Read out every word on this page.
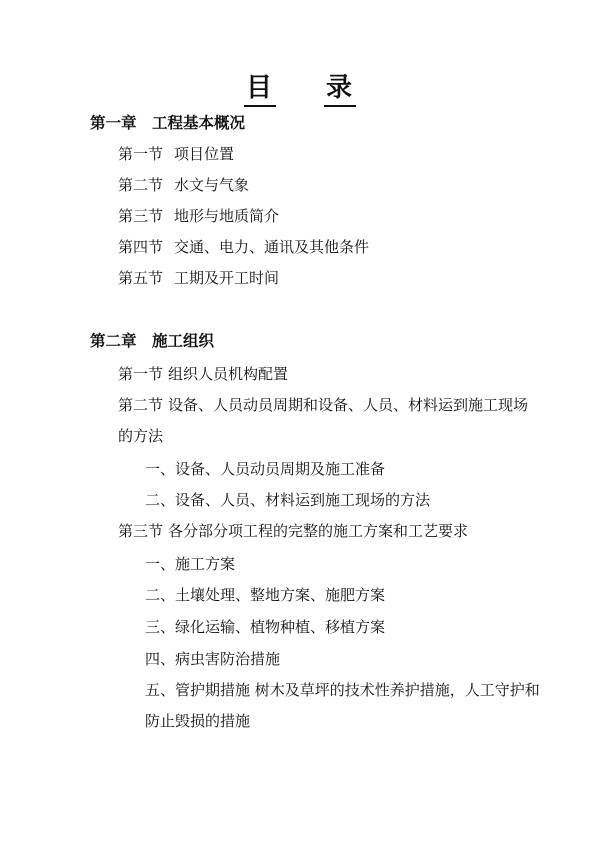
目 录
第一章 工程基本概况
第一节 项目位置
第二节 水文与气象
第三节 地形与地质简介
第四节 交通、电力、通讯及其他条件
第五节 工期及开工时间
第二章 施工组织
第一节 组织人员机构配置
第二节 设备、人员动员周期和设备、人员、材料运到施工现场
的方法
一、设备、人员动员周期及施工准备
二、设备、人员、材料运到施工现场的方法
第三节 各分部分项工程的完整的施工方案和工艺要求
一、施工方案
二、土壤处理、整地方案、施肥方案
三、绿化运输、植物种植、移植方案
四、病虫害防治措施
五、管护期措施 树木及草坪的技术性养护措施，人工守护和
防止毁损的措施
